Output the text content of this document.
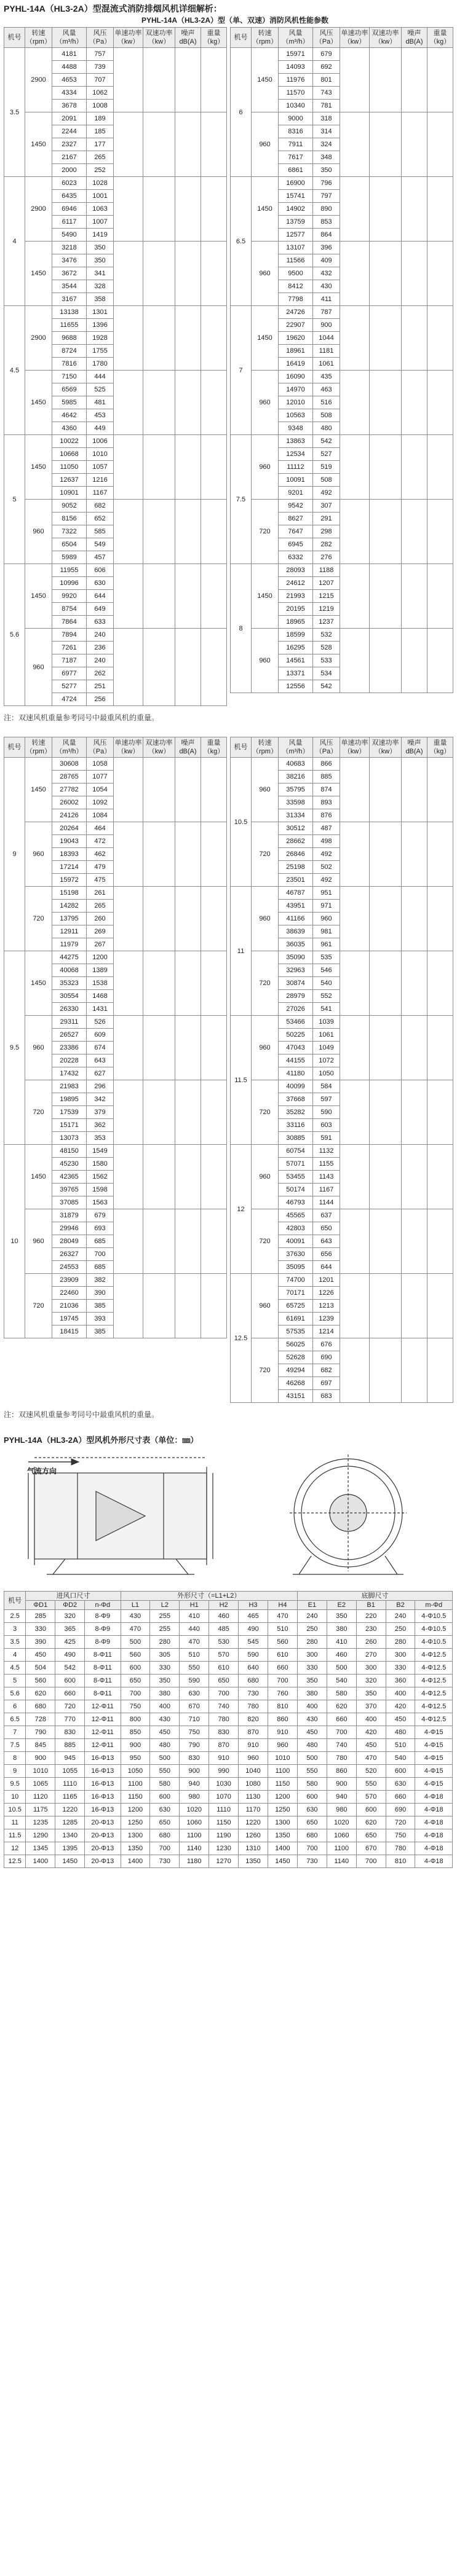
PYHL-14A（HL3-2A）型混流式消防排烟风机详细解析：
PYHL-14A（HL3-2A）型（单、双速）消防风机性能参数
机号	转速（rpm）	风量（m³/h）	风压（Pa）	单速功率（kw）	双速功率（kw）	噪声 dB(A)	重量（kg）
3.5	2900	4181	757				
		4488	739				
		4653	707				
		4334	1062				
		3678	1008				
	1450	2091	189				
		2244	185				
		2327	177				
		2167	265				
		2000	252				
4	2900	6023	1028				
		6435	1001				
		6946	1063				
		6117	1007				
		5490	1419				
	1450	3218	350				
		3476	350				
		3672	341				
		3544	328				
		3167	358				
4.5	2900	13138	1301				
		11655	1396				
		9688	1928				
		8724	1755				
		7816	1780				
	1450	7150	444				
		6569	525				
		5985	481				
		4642	453				
		4360	449				
5	1450	10022	1006				
		10668	1010				
		11050	1057				
		12637	1216				
		10901	1167				
	960	9052	682				
		8156	652				
		7322	585				
		6504	549				
		5989	457				
5.6	1450	11955	606				
		10996	630				
		9920	644				
		8754	649				
		7864	633				
	960	7894	240				
		7261	236				
		7187	240				
		6977	262				
		5277	251				
		4724	256				
机号	转速（rpm）	风量（m³/h）	风压（Pa）	单速功率（kw）	双速功率（kw）	噪声 dB(A)	重量（kg）
6	1450	15971	679				
		14093	692				
		11976	801				
		11570	743				
		10340	781				
	960	9000	318				
		8316	314				
		7911	324				
		7617	348				
		6861	350				
6.5	1450	16900	796				
		15741	797				
		14902	890				
		13759	853				
		12577	864				
	960	13107	396				
		11566	409				
		9500	432				
		8412	430				
		7798	411				
7	1450	24726	787				
		22907	900				
		19620	1044				
		18961	1181				
		16419	1061				
	960	16090	435				
		14970	463				
		12010	516				
		10563	508				
		9348	480				
7.5	960	13863	542				
		12534	527				
		11112	519				
		10091	508				
		9201	492				
	720	9542	307				
		8627	291				
		7647	298				
		6945	282				
		6332	276				
8	1450	28093	1188				
		24612	1207				
		21993	1215				
		20195	1219				
		18965	1237				
	960	18599	532				
		16295	528				
		14561	533				
		13371	534				
		12556	542				
注：双速风机重量参考同号中最重风机的重量。
机号	转速（rpm）	风量（m³/h）	风压（Pa）	单速功率（kw）	双速功率（kw）	噪声 dB(A)	重量（kg）
9	1450	30608	1058				
		28765	1077				
		27782	1054				
		26002	1092				
		24126	1084				
	960	20264	464				
		19043	472				
		18393	462				
		17214	479				
		15972	475				
	720	15198	261				
		14282	265				
		13795	260				
		12911	269				
		11979	267				
9.5	1450	44275	1200				
		40068	1389				
		35323	1538				
		30554	1468				
		26330	1431				
	960	29311	526				
		26527	609				
		23386	674				
		20228	643				
		17432	627				
	720	21983	296				
		19895	342				
		17539	379				
		15171	362				
		13073	353				
10	1450	48150	1549				
		45230	1580				
		42365	1562				
		39765	1598				
		37085	1563				
	960	31879	679				
		29946	693				
		28049	685				
		26327	700				
		24553	685				
	720	23909	382				
		22460	390				
		21036	385				
		19745	393				
		18415	385				
机号	转速（rpm）	风量（m³/h）	风压（Pa）	单速功率（kw）	双速功率（kw）	噪声 dB(A)	重量（kg）
10.5	960	40683	866				
		38216	885				
		35795	874				
		33598	893				
		31334	876				
	720	30512	487				
		28662	498				
		26846	492				
		25198	502				
		23501	492				
11	960	46787	951				
		43951	971				
		41166	960				
		38639	981				
		36035	961				
	720	35090	535				
		32963	546				
		30874	540				
		28979	552				
		27026	541				
11.5	960	53466	1039				
		50225	1061				
		47043	1049				
		44155	1072				
		41180	1050				
	720	40099	584				
		37668	597				
		35282	590				
		33116	603				
		30885	591				
12	960	60754	1132				
		57071	1155				
		53455	1143				
		50174	1167				
		46793	1144				
	720	45565	637				
		42803	650				
		40091	643				
		37630	656				
		35095	644				
12.5	960	74700	1201				
		70171	1226				
		65725	1213				
		61691	1239				
		57535	1214				
	720	56025	676				
		52628	690				
		49294	682				
		46268	697				
		43151	683				
注：双速风机重量参考同号中最重风机的重量。
PYHL-14A（HL3-2A）型风机外形尺寸表（单位：㎜）
气流方向
机号	进风口尺寸			外形尺寸（=L1+L2）						底脚尺寸				
	ΦD1	ΦD2	n-Φd	L1	L2	H1	H2	H3	H4	E1	E2	B1	B2	m-Φd
2.5	285	320	8-Φ9	430	255	410	460	465	470	240	350	220	240	4-Φ10.5
3	330	365	8-Φ9	470	255	440	485	490	510	250	380	230	250	4-Φ10.5
3.5	390	425	8-Φ9	500	280	470	530	545	560	280	410	260	280	4-Φ10.5
4	450	490	8-Φ11	560	305	510	570	590	610	300	460	270	300	4-Φ12.5
4.5	504	542	8-Φ11	600	330	550	610	640	660	330	500	300	330	4-Φ12.5
5	560	600	8-Φ11	650	350	590	650	680	700	350	540	320	360	4-Φ12.5
5.6	620	660	8-Φ11	700	380	630	700	730	760	380	580	350	400	4-Φ12.5
6	680	720	12-Φ11	750	400	670	740	780	810	400	620	370	420	4-Φ12.5
6.5	728	770	12-Φ11	800	430	710	780	820	860	430	660	400	450	4-Φ12.5
7	790	830	12-Φ11	850	450	750	830	870	910	450	700	420	480	4-Φ15
7.5	845	885	12-Φ11	900	480	790	870	910	960	480	740	450	510	4-Φ15
8	900	945	16-Φ13	950	500	830	910	960	1010	500	780	470	540	4-Φ15
9	1010	1055	16-Φ13	1050	550	900	990	1040	1100	550	860	520	600	4-Φ15
9.5	1065	1110	16-Φ13	1100	580	940	1030	1080	1150	580	900	550	630	4-Φ15
10	1120	1165	16-Φ13	1150	600	980	1070	1130	1200	600	940	570	660	4-Φ18
10.5	1175	1220	16-Φ13	1200	630	1020	1110	1170	1250	630	980	600	690	4-Φ18
11	1235	1285	20-Φ13	1250	650	1060	1150	1220	1300	650	1020	620	720	4-Φ18
11.5	1290	1340	20-Φ13	1300	680	1100	1190	1260	1350	680	1060	650	750	4-Φ18
12	1345	1395	20-Φ13	1350	700	1140	1230	1310	1400	700	1100	670	780	4-Φ18
12.5	1400	1450	20-Φ13	1400	730	1180	1270	1350	1450	730	1140	700	810	4-Φ18
